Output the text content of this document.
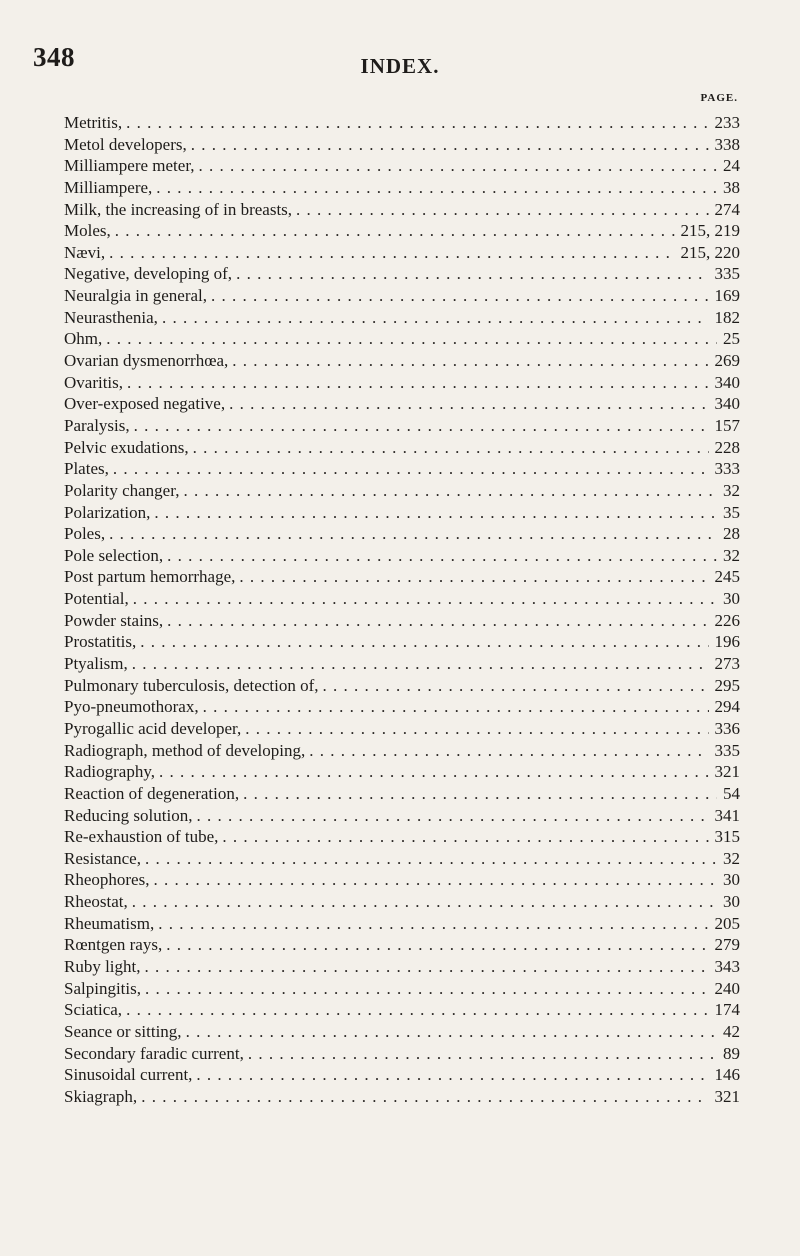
348	INDEX.
PAGE.
Metritis, . . .	233
Metol developers, . . .	338
Milliampere meter, . . .	24
Milliampere, . . .	38
Milk, the increasing of in breasts, . . .	274
Moles, . . .	215, 219
Nævi, . . .	215, 220
Negative, developing of, . . .	335
Neuralgia in general, . . .	169
Neurasthenia, . . .	182
Ohm, . . .	25
Ovarian dysmenorrhœa, . . .	269
Ovaritis, . . .	340
Over-exposed negative, . . .	340
Paralysis, . . .	157
Pelvic exudations, . . .	228
Plates, . . .	333
Polarity changer, . . .	32
Polarization, . . .	35
Poles, . . .	28
Pole selection, . . .	32
Post partum hemorrhage, . . .	245
Potential, . . .	30
Powder stains, . . .	226
Prostatitis, . . .	196
Ptyalism, . . .	273
Pulmonary tuberculosis, detection of, . . .	295
Pyo-pneumothorax, . . .	294
Pyrogallic acid developer, . . .	336
Radiograph, method of developing, . . .	335
Radiography, . . .	321
Reaction of degeneration, . . .	54
Reducing solution, . . .	341
Re-exhaustion of tube, . . .	315
Resistance, . . .	32
Rheophores, . . .	30
Rheostat, . . .	30
Rheumatism, . . .	205
Rœntgen rays, . . .	279
Ruby light, . . .	343
Salpingitis, . . .	240
Sciatica, . . .	174
Seance or sitting, . . .	42
Secondary faradic current, . . .	89
Sinusoidal current, . . .	146
Skiagraph, . . .	321
